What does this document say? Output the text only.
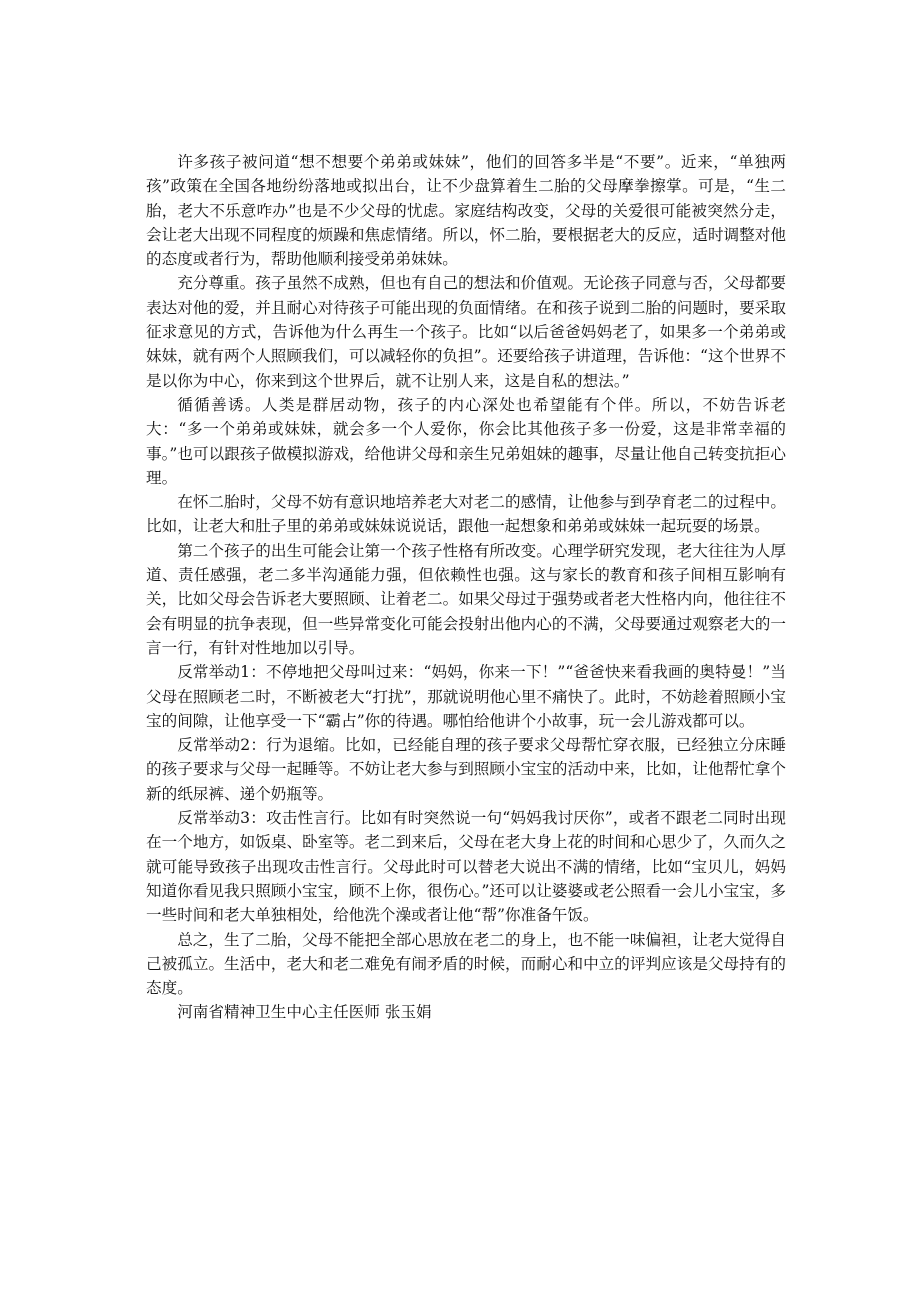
许多孩子被问道“想不想要个弟弟或妹妹”，他们的回答多半是“不要”。近来，“单独两孩”政策在全国各地纷纷落地或拟出台，让不少盘算着生二胎的父母摩拳擦掌。可是，“生二胎，老大不乐意咋办”也是不少父母的忧虑。家庭结构改变，父母的关爱很可能被突然分走，会让老大出现不同程度的烦躁和焦虑情绪。所以，怀二胎，要根据老大的反应，适时调整对他的态度或者行为，帮助他顺利接受弟弟妹妹。

充分尊重。孩子虽然不成熟，但也有自己的想法和价值观。无论孩子同意与否，父母都要表达对他的爱，并且耐心对待孩子可能出现的负面情绪。在和孩子说到二胎的问题时，要采取征求意见的方式，告诉他为什么再生一个孩子。比如“以后爸爸妈妈老了，如果多一个弟弟或妹妹，就有两个人照顾我们，可以减轻你的负担”。还要给孩子讲道理，告诉他：“这个世界不是以你为中心，你来到这个世界后，就不让别人来，这是自私的想法。”

循循善诱。人类是群居动物，孩子的内心深处也希望能有个伴。所以，不妨告诉老大：“多一个弟弟或妹妹，就会多一个人爱你，你会比其他孩子多一份爱，这是非常幸福的事。”也可以跟孩子做模拟游戏，给他讲父母和亲生兄弟姐妹的趣事，尽量让他自己转变抗拒心理。

在怀二胎时，父母不妨有意识地培养老大对老二的感情，让他参与到孕育老二的过程中。比如，让老大和肚子里的弟弟或妹妹说说话，跟他一起想象和弟弟或妹妹一起玩耍的场景。

第二个孩子的出生可能会让第一个孩子性格有所改变。心理学研究发现，老大往往为人厚道、责任感强，老二多半沟通能力强，但依赖性也强。这与家长的教育和孩子间相互影响有关，比如父母会告诉老大要照顾、让着老二。如果父母过于强势或者老大性格内向，他往往不会有明显的抗争表现，但一些异常变化可能会投射出他内心的不满，父母要通过观察老大的一言一行，有针对性地加以引导。

反常举动1：不停地把父母叫过来：“妈妈，你来一下！”“爸爸快来看我画的奥特曼！”当父母在照顾老二时，不断被老大“打扰”，那就说明他心里不痛快了。此时，不妨趁着照顾小宝宝的间隙，让他享受一下“霸占”你的待遇。哪怕给他讲个小故事，玩一会儿游戏都可以。

反常举动2：行为退缩。比如，已经能自理的孩子要求父母帮忙穿衣服，已经独立分床睡的孩子要求与父母一起睡等。不妨让老大参与到照顾小宝宝的活动中来，比如，让他帮忙拿个新的纸尿裤、递个奶瓶等。

反常举动3：攻击性言行。比如有时突然说一句“妈妈我讨厌你”，或者不跟老二同时出现在一个地方，如饭桌、卧室等。老二到来后，父母在老大身上花的时间和心思少了，久而久之就可能导致孩子出现攻击性言行。父母此时可以替老大说出不满的情绪，比如“宝贝儿，妈妈知道你看见我只照顾小宝宝，顾不上你，很伤心。”还可以让婆婆或老公照看一会儿小宝宝，多一些时间和老大单独相处，给他洗个澡或者让他“帮”你准备午饭。

总之，生了二胎，父母不能把全部心思放在老二的身上，也不能一味偏袒，让老大觉得自己被孤立。生活中，老大和老二难免有闹矛盾的时候，而耐心和中立的评判应该是父母持有的态度。

河南省精神卫生中心主任医师 张玉娟
